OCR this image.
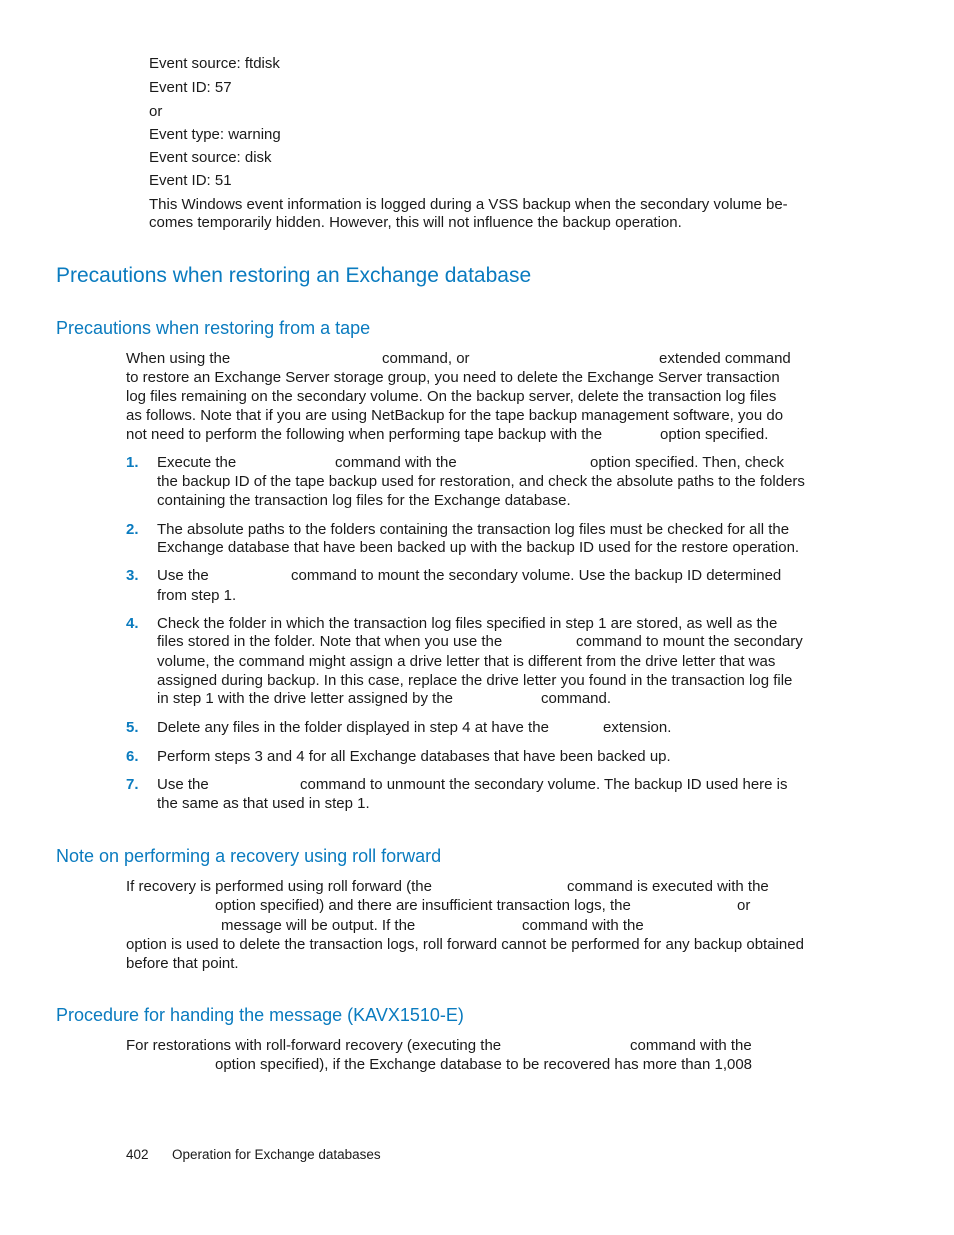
Event source: ftdisk
Event ID: 57
or
Event type: warning
Event source: disk
Event ID: 51
This Windows event information is logged during a VSS backup when the secondary volume be-
comes temporarily hidden. However, this will not influence the backup operation.
Precautions when restoring an Exchange database
Precautions when restoring from a tape
When using the	command, or	extended command
to restore an Exchange Server storage group, you need to delete the Exchange Server transaction
log files remaining on the secondary volume. On the backup server, delete the transaction log files
as follows. Note that if you are using NetBackup for the tape backup management software, you do
not need to perform the following when performing tape backup with the	option specified.
1. Execute the	command with the	option specified. Then, check
the backup ID of the tape backup used for restoration, and check the absolute paths to the folders
containing the transaction log files for the Exchange database.
2. The absolute paths to the folders containing the transaction log files must be checked for all the
Exchange database that have been backed up with the backup ID used for the restore operation.
3. Use the	command to mount the secondary volume. Use the backup ID determined
from step 1.
4. Check the folder in which the transaction log files specified in step 1 are stored, as well as the
files stored in the folder. Note that when you use the	command to mount the secondary
volume, the command might assign a drive letter that is different from the drive letter that was
assigned during backup. In this case, replace the drive letter you found in the transaction log file
in step 1 with the drive letter assigned by the	command.
5. Delete any files in the folder displayed in step 4 at have the	extension.
6. Perform steps 3 and 4 for all Exchange databases that have been backed up.
7. Use the	command to unmount the secondary volume. The backup ID used here is
the same as that used in step 1.
Note on performing a recovery using roll forward
If recovery is performed using roll forward (the	command is executed with the
option specified) and there are insufficient transaction logs, the	or
message will be output. If the	command with the
option is used to delete the transaction logs, roll forward cannot be performed for any backup obtained
before that point.
Procedure for handing the message (KAVX1510-E)
For restorations with roll-forward recovery (executing the	command with the
option specified), if the Exchange database to be recovered has more than 1,008
402 Operation for Exchange databases
